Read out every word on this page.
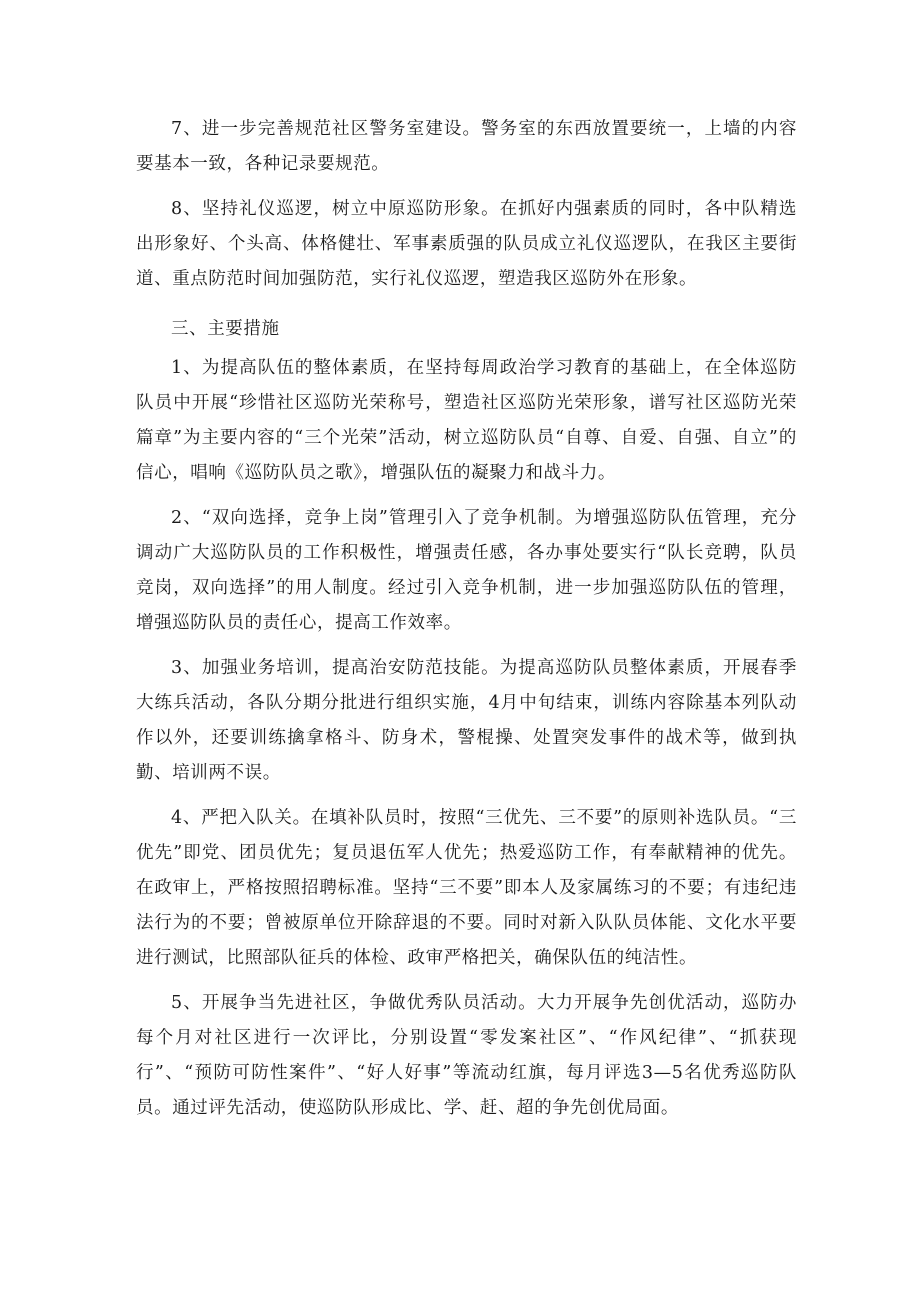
7、进一步完善规范社区警务室建设。警务室的东西放置要统一，上墙的内容要基本一致，各种记录要规范。

8、坚持礼仪巡逻，树立中原巡防形象。在抓好内强素质的同时，各中队精选出形象好、个头高、体格健壮、军事素质强的队员成立礼仪巡逻队，在我区主要街道、重点防范时间加强防范，实行礼仪巡逻，塑造我区巡防外在形象。

三、主要措施

1、为提高队伍的整体素质，在坚持每周政治学习教育的基础上，在全体巡防队员中开展“珍惜社区巡防光荣称号，塑造社区巡防光荣形象，谱写社区巡防光荣篇章”为主要内容的“三个光荣”活动，树立巡防队员“自尊、自爱、自强、自立”的信心，唱响《巡防队员之歌》，增强队伍的凝聚力和战斗力。

2、“双向选择，竞争上岗”管理引入了竞争机制。为增强巡防队伍管理，充分调动广大巡防队员的工作积极性，增强责任感，各办事处要实行“队长竞聘，队员竞岗，双向选择”的用人制度。经过引入竞争机制，进一步加强巡防队伍的管理，增强巡防队员的责任心，提高工作效率。

3、加强业务培训，提高治安防范技能。为提高巡防队员整体素质，开展春季大练兵活动，各队分期分批进行组织实施，4月中旬结束，训练内容除基本列队动作以外，还要训练擒拿格斗、防身术，警棍操、处置突发事件的战术等，做到执勤、培训两不误。

4、严把入队关。在填补队员时，按照“三优先、三不要”的原则补选队员。“三优先”即党、团员优先；复员退伍军人优先；热爱巡防工作，有奉献精神的优先。在政审上，严格按照招聘标准。坚持“三不要”即本人及家属练习的不要；有违纪违法行为的不要；曾被原单位开除辞退的不要。同时对新入队队员体能、文化水平要进行测试，比照部队征兵的体检、政审严格把关，确保队伍的纯洁性。

5、开展争当先进社区，争做优秀队员活动。大力开展争先创优活动，巡防办每个月对社区进行一次评比，分别设置“零发案社区”、“作风纪律”、“抓获现行”、“预防可防性案件”、“好人好事”等流动红旗，每月评选3—5名优秀巡防队员。通过评先活动，使巡防队形成比、学、赶、超的争先创优局面。
